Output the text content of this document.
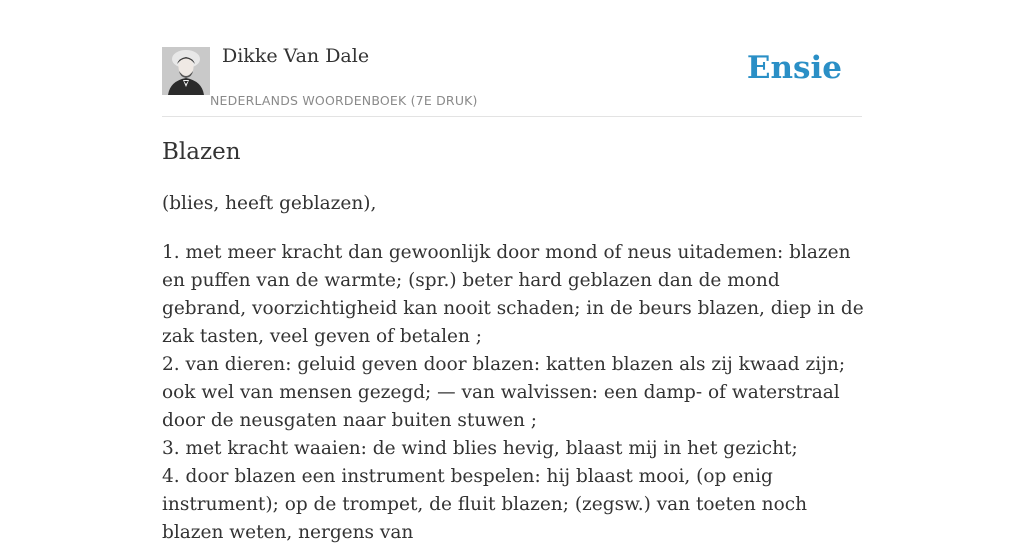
Dikke Van Dale
NEDERLANDS WOORDENBOEK (7E DRUK)
Ensie
Blazen

(blies, heeft geblazen),

1. met meer kracht dan gewoonlijk door mond of neus uitademen: blazen en puffen van de warmte; (spr.) beter hard geblazen dan de mond gebrand, voorzichtigheid kan nooit schaden; in de beurs blazen, diep in de zak tasten, veel geven of betalen ;
2. van dieren: geluid geven door blazen: katten blazen als zij kwaad zijn; ook wel van mensen gezegd; — van walvissen: een damp- of waterstraal door de neusgaten naar buiten stuwen ;
3. met kracht waaien: de wind blies hevig, blaast mij in het gezicht;
4. door blazen een instrument bespelen: hij blaast mooi, (op enig instrument); op de trompet, de fluit blazen; (zegsw.) van toeten noch blazen weten, nergens van
